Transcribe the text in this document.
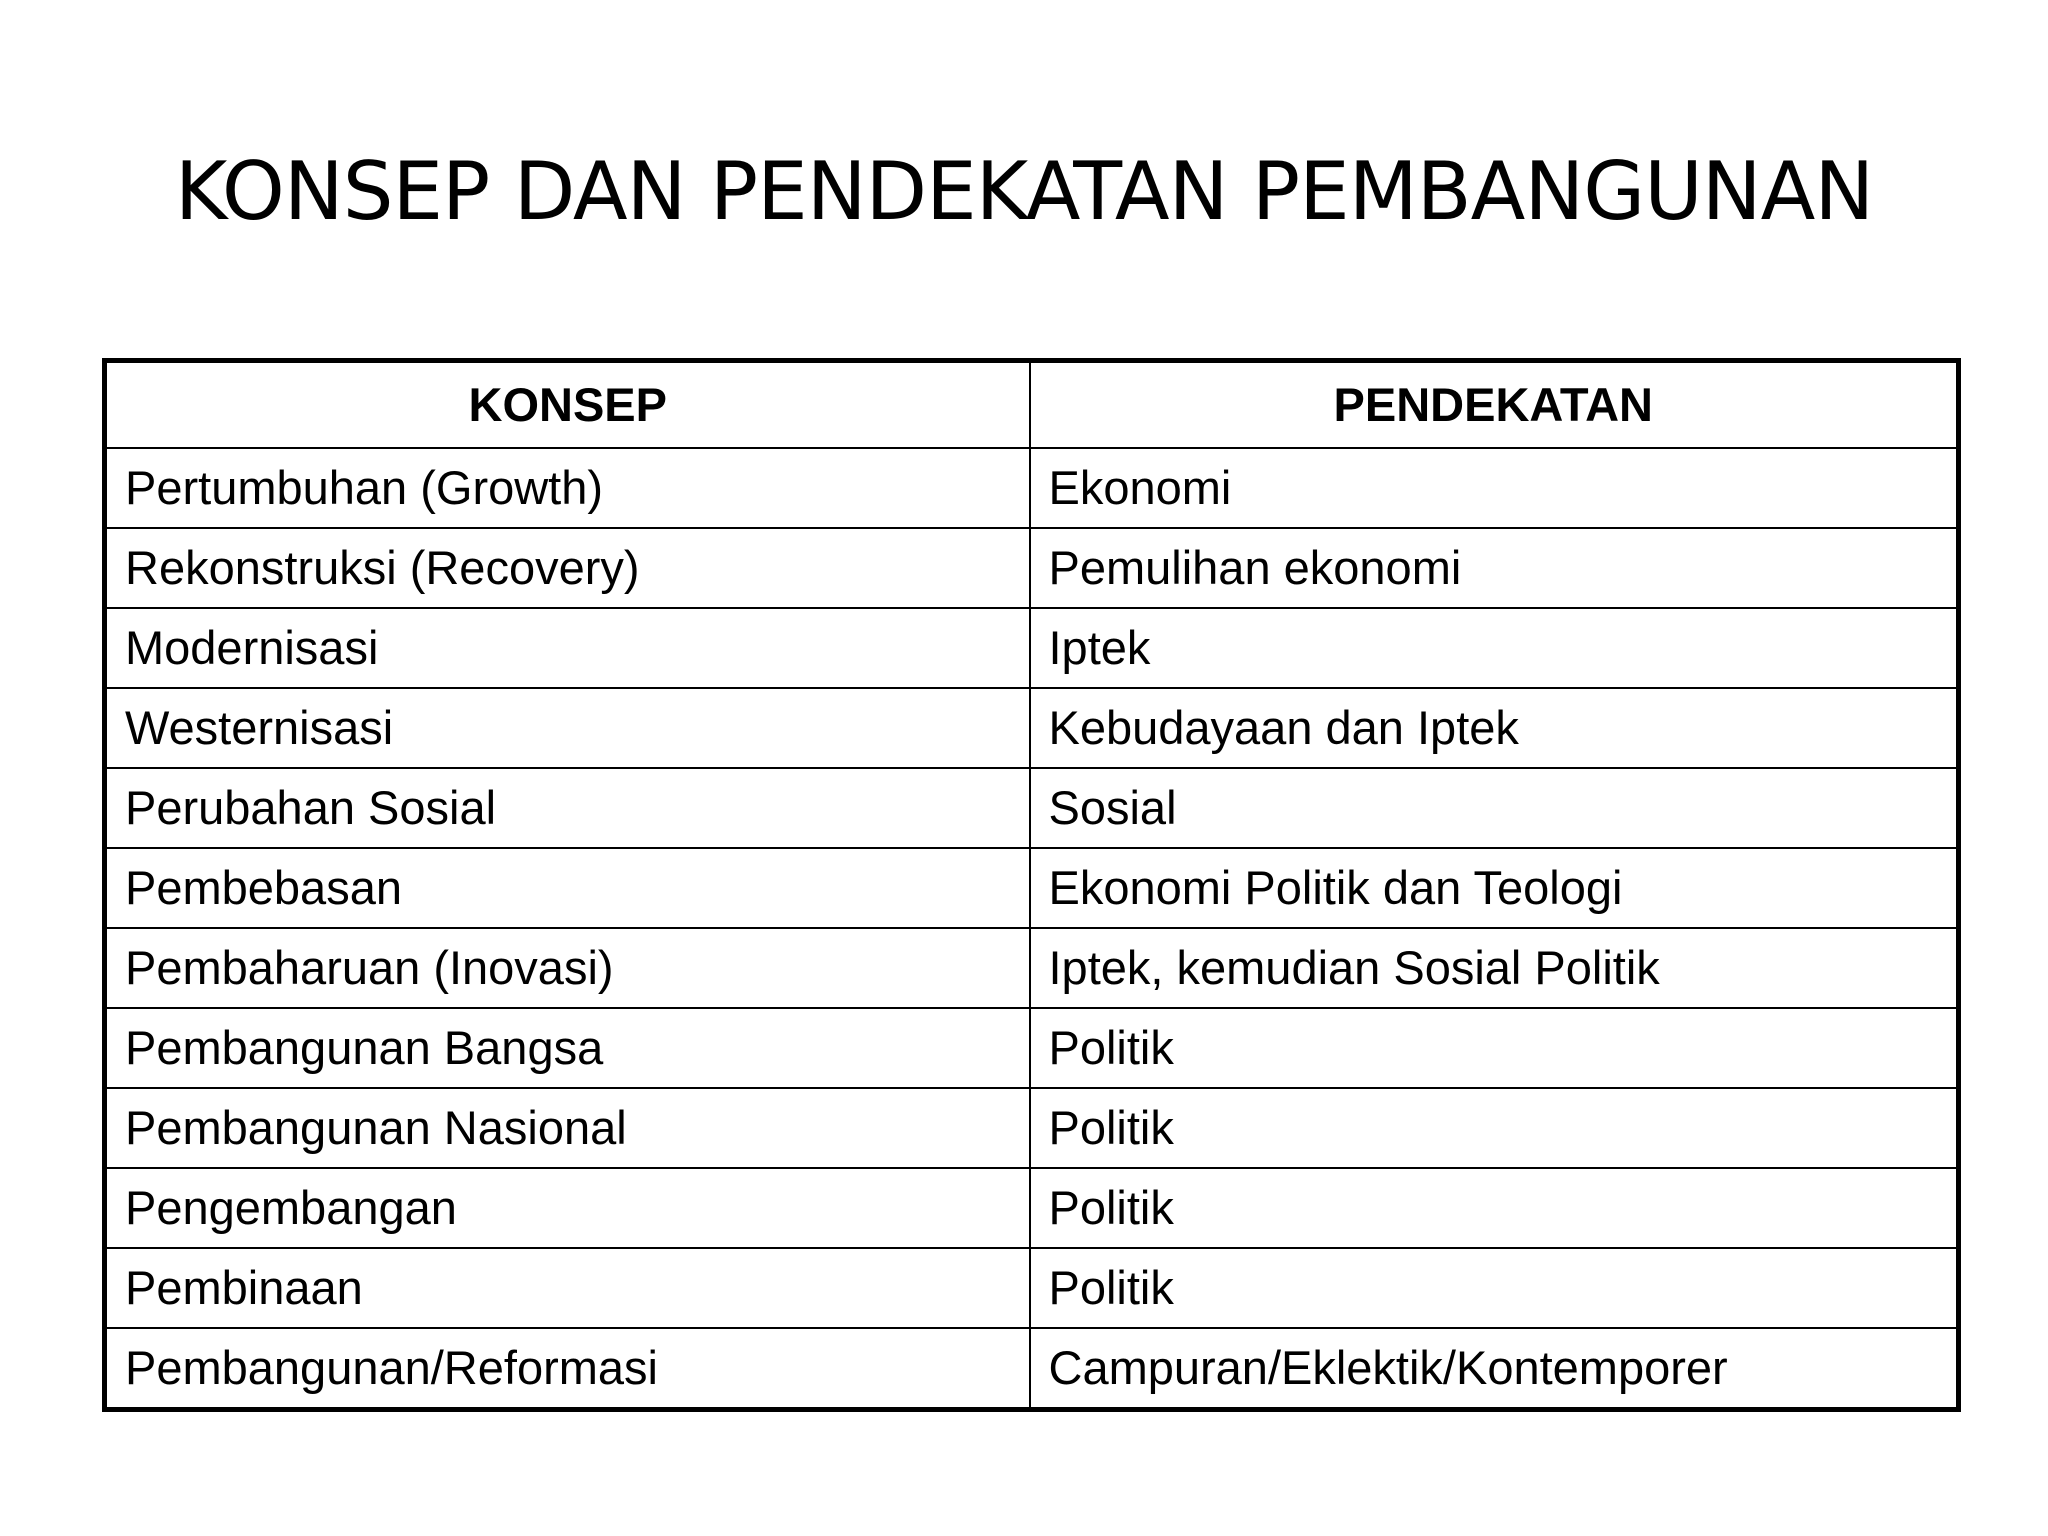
KONSEP DAN PENDEKATAN PEMBANGUNAN
KONSEP	PENDEKATAN
Pertumbuhan (Growth)	Ekonomi
Rekonstruksi (Recovery)	Pemulihan ekonomi
Modernisasi	Iptek
Westernisasi	Kebudayaan dan Iptek
Perubahan Sosial	Sosial
Pembebasan	Ekonomi Politik dan Teologi
Pembaharuan (Inovasi)	Iptek, kemudian Sosial Politik
Pembangunan Bangsa	Politik
Pembangunan Nasional	Politik
Pengembangan	Politik
Pembinaan	Politik
Pembangunan/Reformasi	Campuran/Eklektik/Kontemporer
